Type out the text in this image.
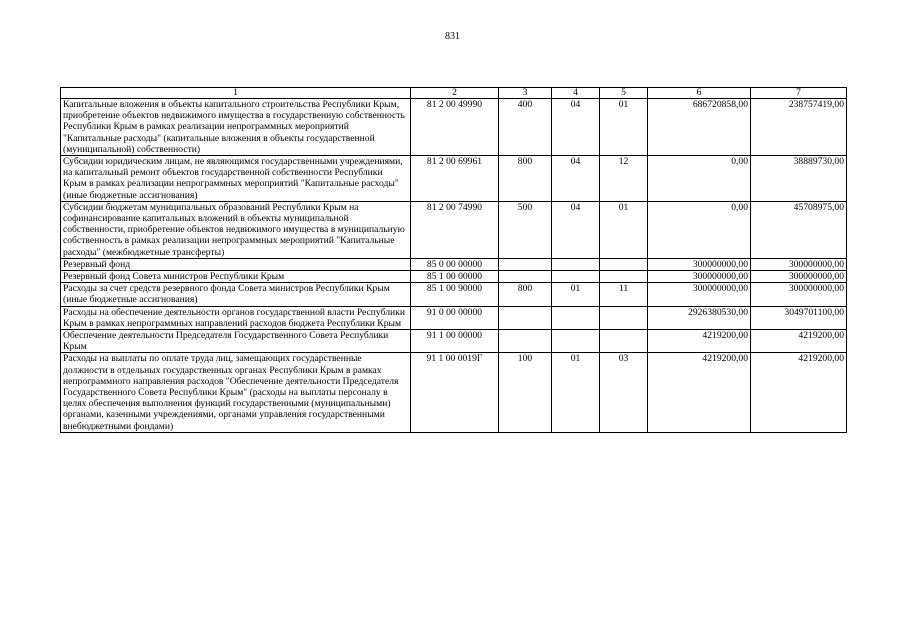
831
1	2	3	4	5	6	7
Капитальные вложения в объекты капитального строительства Республики Крым, приобретение объектов недвижимого имущества в государственную собственность Республики Крым в рамках реализации непрограммных мероприятий "Капитальные расходы" (капитальные вложения в объекты государственной (муниципальной) собственности)	81 2 00 49990	400	04	01	686720858,00	238757419,00
Субсидии юридическим лицам, не являющимся государственными учреждениями, на капитальный ремонт объектов государственной собственности Республики Крым в рамках реализации непрограммных мероприятий "Капитальные расходы" (иные бюджетные ассигнования)	81 2 00 69961	800	04	12	0,00	38889730,00
Субсидии бюджетам муниципальных образований Республики Крым на софинансирование капитальных вложений в объекты муниципальной собственности, приобретение объектов недвижимого имущества в муниципальную собственность в рамках реализации непрограммных мероприятий "Капитальные расходы" (межбюджетные трансферты)	81 2 00 74990	500	04	01	0,00	45708975,00
Резервный фонд	85 0 00 00000				300000000,00	300000000,00
Резервный фонд Совета министров Республики Крым	85 1 00 00000				300000000,00	300000000,00
Расходы за счет средств резервного фонда Совета министров Республики Крым (иные бюджетные ассигнования)	85 1 00 90000	800	01	11	300000000,00	300000000,00
Расходы на обеспечение деятельности органов государственной власти Республики Крым в рамках непрограммных направлений расходов бюджета Республики Крым	91 0 00 00000				2926380530,00	3049701100,00
Обеспечение деятельности Председателя Государственного Совета Республики Крым	91 1 00 00000				4219200,00	4219200,00
Расходы на выплаты по оплате труда лиц, замещающих государственные должности в отдельных государственных органах Республики Крым в рамках непрограммного направления расходов "Обеспечение деятельности Председателя Государственного Совета Республики Крым" (расходы на выплаты персоналу в целях обеспечения выполнения функций государственными (муниципальными) органами, казенными учреждениями, органами управления государственными внебюджетными фондами)	91 1 00 0019Г	100	01	03	4219200,00	4219200,00
